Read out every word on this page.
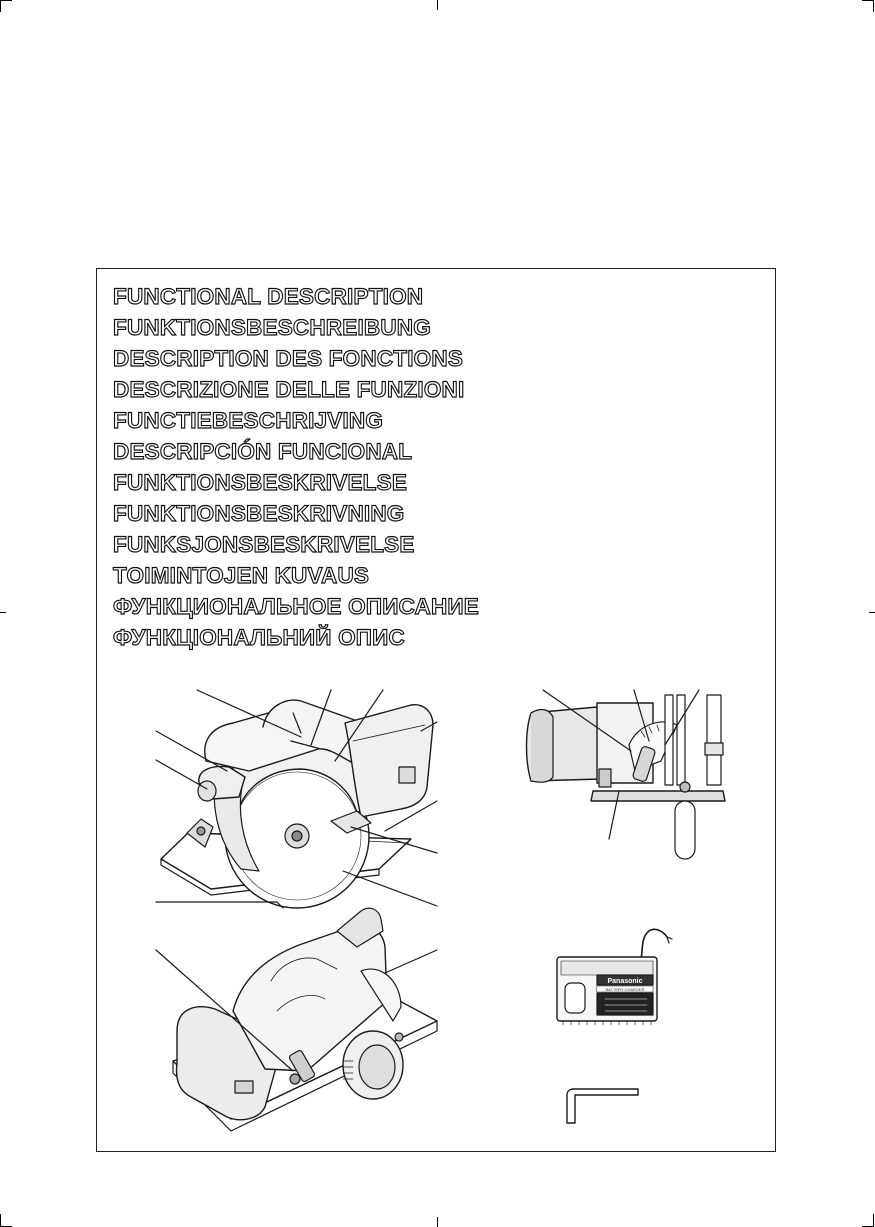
FUNCTIONAL DESCRIPTION
FUNKTIONSBESCHREIBUNG
DESCRIPTION DES FONCTIONS
DESCRIZIONE DELLE FUNZIONI
FUNCTIEBESCHRIJVING
DESCRIPCIÓN FUNCIONAL
FUNKTIONSBESKRIVELSE
FUNKTIONSBESKRIVNING
FUNKSJONSBESKRIVELSE
TOIMINTOJEN KUVAUS
ФУНКЦИОНАЛЬНОЕ ОПИСАНИЕ
ФУНКЦІОНАЛЬНИЙ ОПИС
Panasonic
BATTERY CHARGER
